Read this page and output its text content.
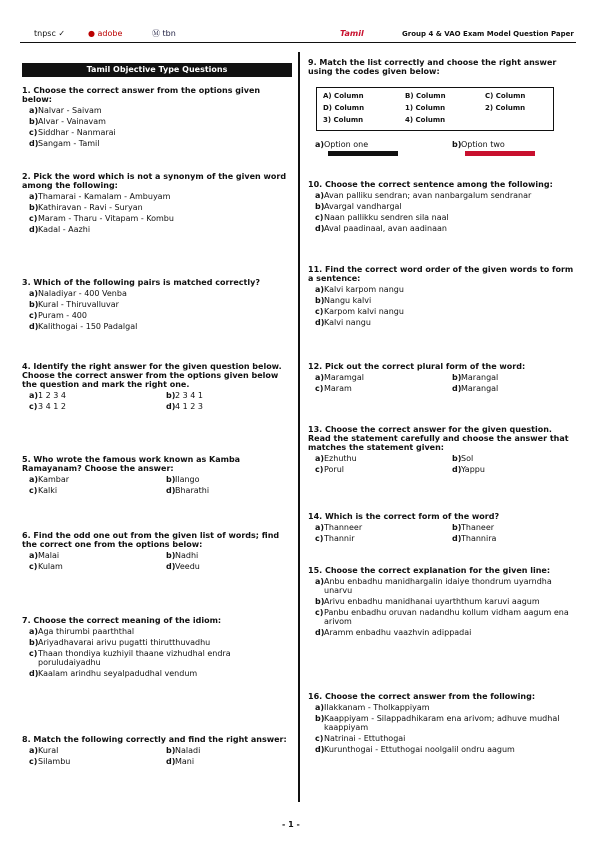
tnpsc ✓	● adobe	Ⓜ tbn	Tamil	Group 4 & VAO Exam Model Question Paper
Tamil Objective Type Questions
1. Choose the correct answer from the options given below:
a) Nalvar - Saivam
b) Alvar - Vainavam
c) Siddhar - Nanmarai
d) Sangam - Tamil
2. Pick the word which is not a synonym of the given word among the following:
a) Thamarai - Kamalam - Ambuyam
b) Kathiravan - Ravi - Suryan
c) Maram - Tharu - Vitapam - Kombu
d) Kadal - Aazhi
3. Which of the following pairs is matched correctly?
a) Naladiyar - 400 Venba
b) Kural - Thiruvalluvar
c) Puram - 400
d) Kalithogai - 150 Padalgal
4. Identify the right answer for the given question below. Choose the correct answer from the options given below the question and mark the right one.
a) 1 2 3 4	b) 2 3 4 1
c) 3 4 1 2	d) 4 1 2 3
5. Who wrote the famous work known as Kamba Ramayanam? Choose the answer:
a) Kambar	b) Ilango
c) Kalki	d) Bharathi
6. Find the odd one out from the given list of words; find the correct one from the options below:
a) Malai	b) Nadhi
c) Kulam	d) Veedu
7. Choose the correct meaning of the idiom:
a) Aga thirumbi paarththal
b) Ariyadhavarai arivu pugatti thirutthuvadhu
c) Thaan thondiya kuzhiyil thaane vizhudhal endra poruludaiyadhu
d) Kaalam arindhu seyalpadudhal vendum
8. Match the following correctly and find the right answer:
a) Kural	b) Naladi
c) Silambu	d) Mani
9. Match the list correctly and choose the right answer using the codes given below:
a) Option one	b) Option two
10. Choose the correct sentence among the following:
a) Avan palliku sendran; avan nanbargalum sendranar
b) Avargal vandhargal
c) Naan pallikku sendren sila naal
d) Aval paadinaal, avan aadinaan
11. Find the correct word order of the given words to form a sentence:
a) Kalvi karpom nangu
b) Nangu kalvi
c) Karpom kalvi nangu
d) Kalvi nangu
12. Pick out the correct plural form of the word:
a) Maramgal	b) Marangal
c) Maram	d) Marangal
13. Choose the correct answer for the given question. Read the statement carefully and choose the answer that matches the statement given:
a) Ezhuthu	b) Sol
c) Porul	d) Yappu
14. Which is the correct form of the word?
a) Thanneer	b) Thaneer
c) Thannir	d) Thannira
15. Choose the correct explanation for the given line:
a) Anbu enbadhu manidhargalin idaiye thondrum uyarndha unarvu
b) Arivu enbadhu manidhanai uyarththum karuvi aagum
c) Panbu enbadhu oruvan nadandhu kollum vidham aagum ena arivom
d) Aramm enbadhu vaazhvin adippadai
16. Choose the correct answer from the following:
a) Ilakkanam - Tholkappiyam
b) Kaappiyam - Silappadhikaram ena arivom; adhuve mudhal kaappiyam
c) Natrinai - Ettuthogai
d) Kurunthogai - Ettuthogai noolgalil ondru aagum
A) Column	B) Column	C) Column
D) Column	1) Column	2) Column
3) Column	4) Column
- 1 -
